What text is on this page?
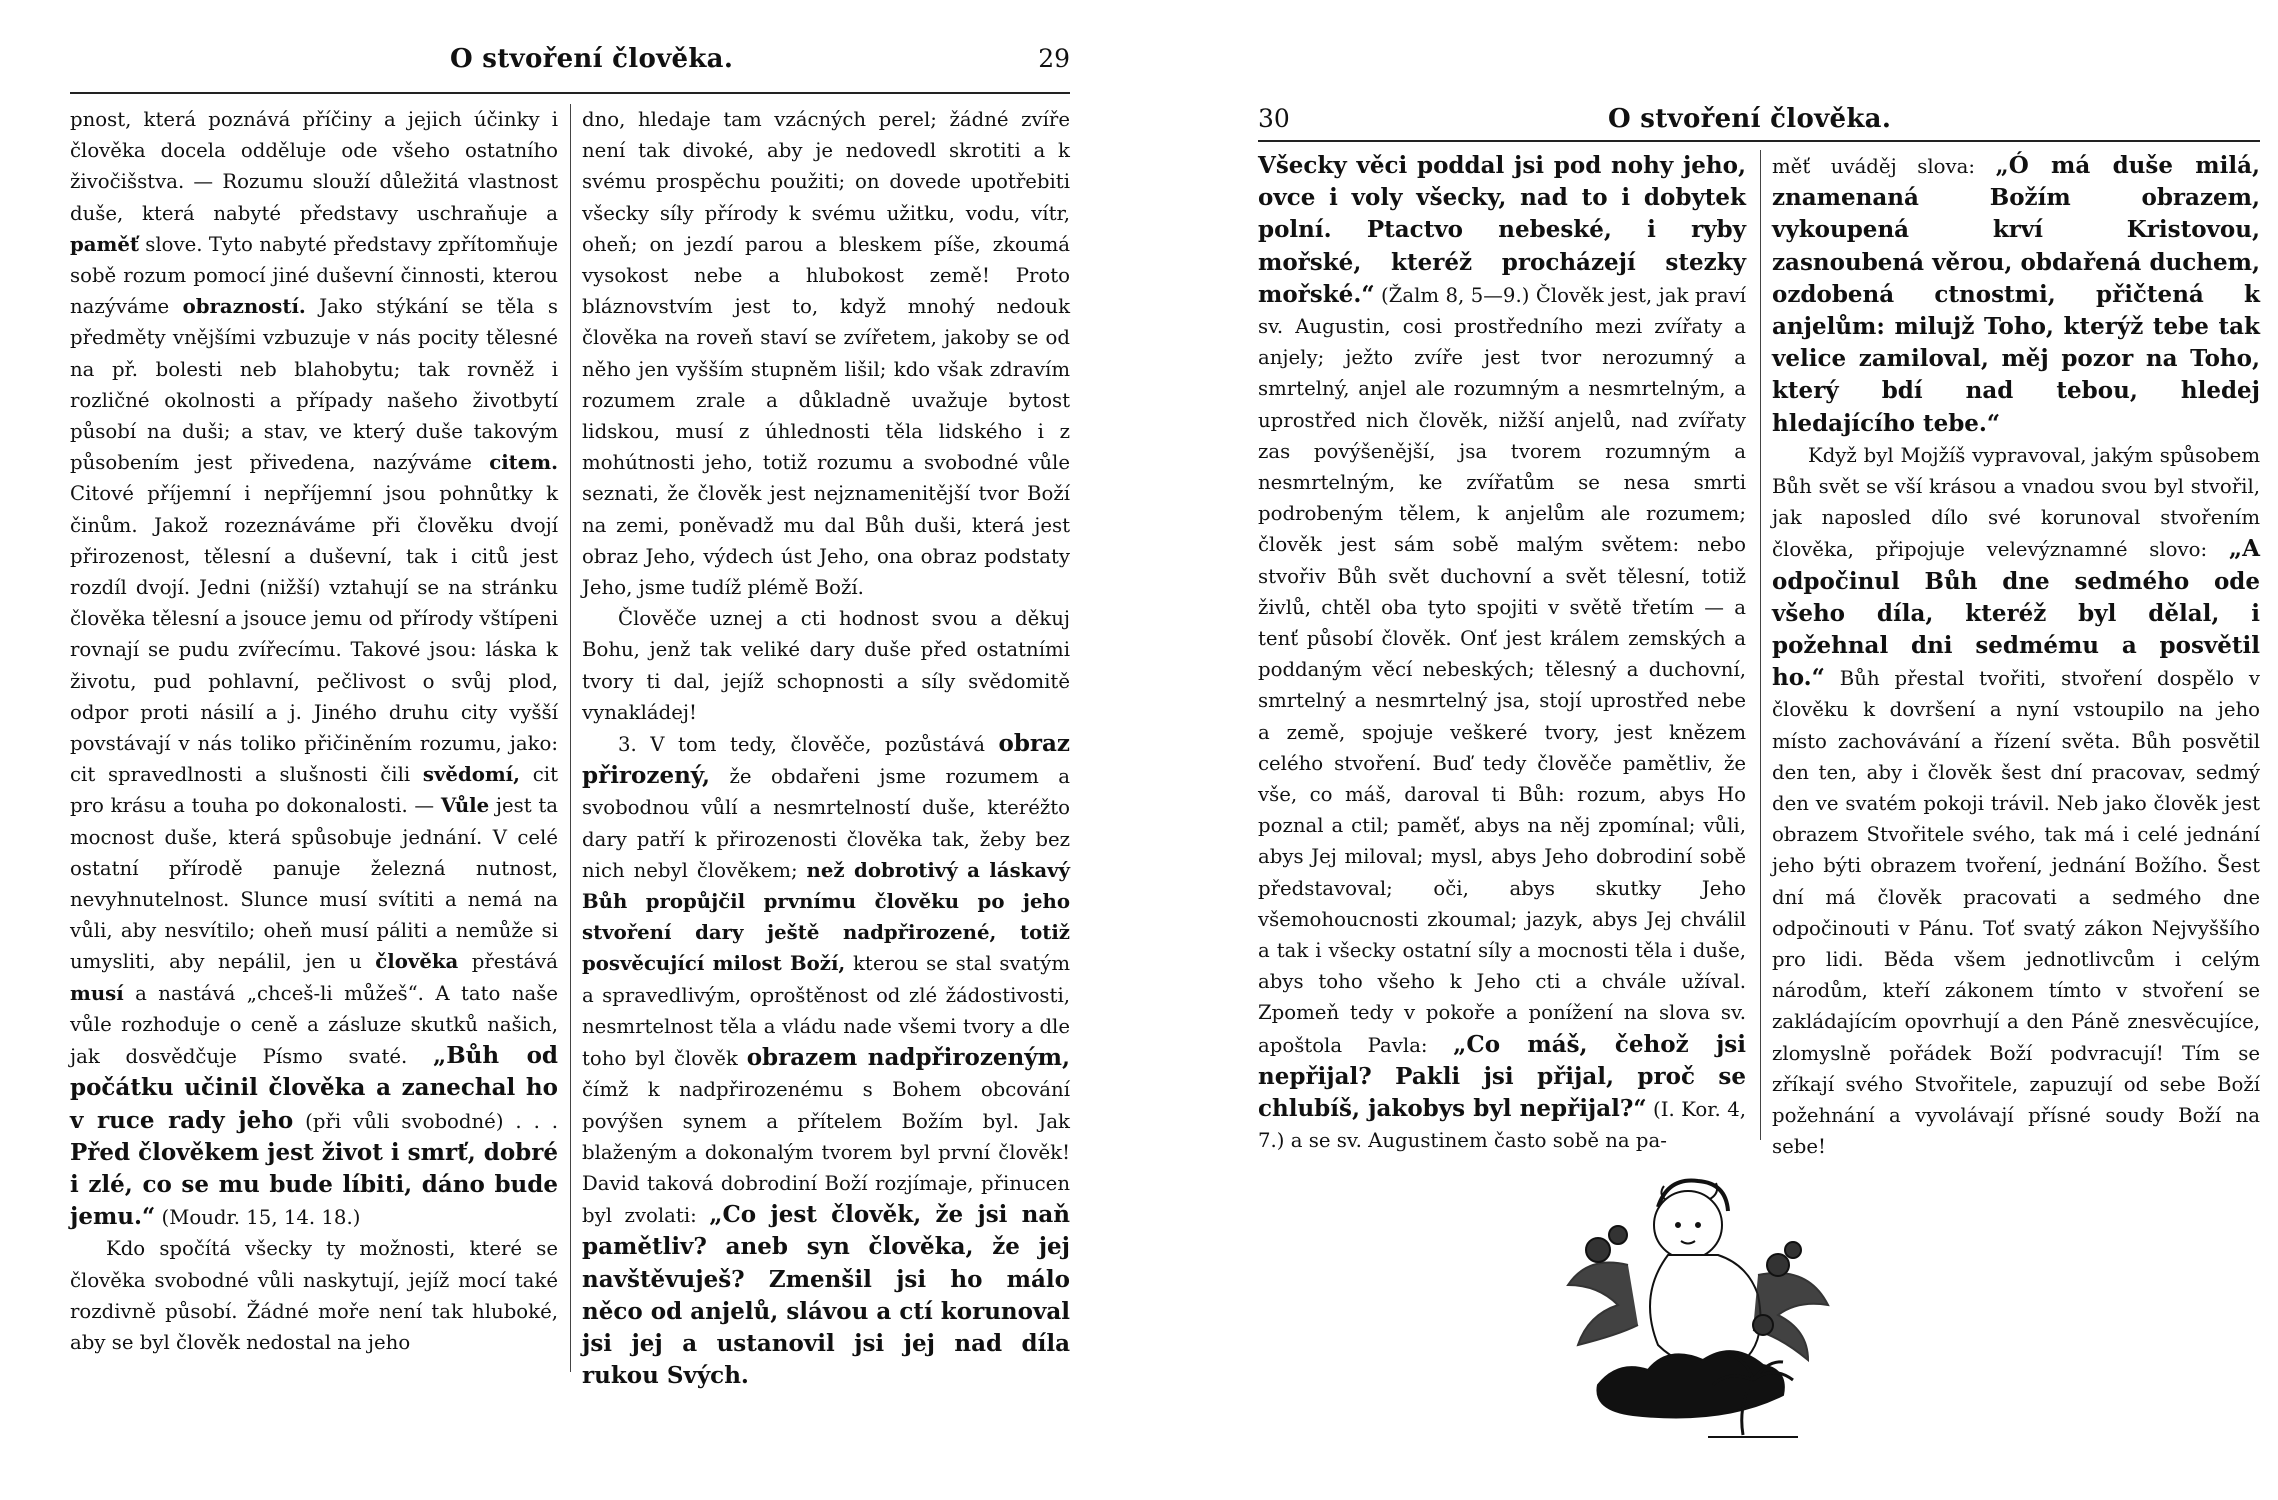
O stvoření člověka.	29

pnost, která poznává příčiny a jejich účinky i člověka docela odděluje ode všeho ostatního živočišstva. — Rozumu slouží důležitá vlastnost duše, která nabyté představy uschraňuje a paměť slove. Tyto nabyté představy zpřítomňuje sobě rozum pomocí jiné duševní činnosti, kterou nazýváme obrazností. Jako stýkání se těla s předměty vnějšími vzbuzuje v nás pocity tělesné na př. bolesti neb blahobytu; tak rovněž i rozličné okolnosti a případy našeho životbytí působí na duši; a stav, ve který duše takovým působením jest přivedena, nazýváme citem. Citové příjemní i nepříjemní jsou pohnůtky k činům. Jakož rozeznáváme při člověku dvojí přirozenost, tělesní a duševní, tak i citů jest rozdíl dvojí. Jedni (nižší) vztahují se na stránku člověka tělesní a jsouce jemu od přírody vštípeni rovnají se pudu zvířecímu. Takové jsou: láska k životu, pud pohlavní, pečlivost o svůj plod, odpor proti násilí a j. Jiného druhu city vyšší povstávají v nás toliko přičiněním rozumu, jako: cit spravedlnosti a slušnosti čili svědomí, cit pro krásu a touha po dokonalosti. — Vůle jest ta mocnost duše, která spůsobuje jednání. V celé ostatní přírodě panuje železná nutnost, nevyhnutelnost. Slunce musí svítiti a nemá na vůli, aby nesvítilo; oheň musí páliti a nemůže si umysliti, aby nepálil, jen u člověka přestává musí a nastává „chceš-li můžeš“. A tato naše vůle rozhoduje o ceně a zásluze skutků našich, jak dosvědčuje Písmo svaté. „Bůh od počátku učinil člověka a zanechal ho v ruce rady jeho (při vůli svobodné) . . . Před člověkem jest život i smrť, dobré i zlé, co se mu bude líbiti, dáno bude jemu.“ (Moudr. 15, 14. 18.)

Kdo spočítá všecky ty možnosti, které se člověka svobodné vůli naskytují, jejíž mocí také rozdivně působí. Žádné moře není tak hluboké, aby se byl člověk nedostal na jeho

dno, hledaje tam vzácných perel; žádné zvíře není tak divoké, aby je nedovedl skrotiti a k svému prospěchu použiti; on dovede upotřebiti všecky síly přírody k svému užitku, vodu, vítr, oheň; on jezdí parou a bleskem píše, zkoumá vysokost nebe a hlubokost země! Proto bláznovstvím jest to, když mnohý nedouk člověka na roveň staví se zvířetem, jakoby se od něho jen vyšším stupněm lišil; kdo však zdravím rozumem zrale a důkladně uvažuje bytost lidskou, musí z úhlednosti těla lidského i z mohútnosti jeho, totiž rozumu a svobodné vůle seznati, že člověk jest nejznamenitější tvor Boží na zemi, poněvadž mu dal Bůh duši, která jest obraz Jeho, výdech úst Jeho, ona obraz podstaty Jeho, jsme tudíž plémě Boží.

Člověče uznej a cti hodnost svou a děkuj Bohu, jenž tak veliké dary duše před ostatními tvory ti dal, jejíž schopnosti a síly svědomitě vynakládej!

3. V tom tedy, člověče, pozůstává obraz přirozený, že obdařeni jsme rozumem a svobodnou vůlí a nesmrtelností duše, kteréžto dary patří k přirozenosti člověka tak, žeby bez nich nebyl člověkem; než dobrotivý a láskavý Bůh propůjčil prvnímu člověku po jeho stvoření dary ještě nadpřirozené, totiž posvěcující milost Boží, kterou se stal svatým a spravedlivým, oproštěnost od zlé žádostivosti, nesmrtelnost těla a vládu nade všemi tvory a dle toho byl člověk obrazem nadpřirozeným, čímž k nadpřirozenému s Bohem obcování povýšen synem a přítelem Božím byl. Jak blaženým a dokonalým tvorem byl první člověk! David taková dobrodiní Boží rozjímaje, přinucen byl zvolati: „Co jest člověk, že jsi naň pamětliv? aneb syn člověka, že jej navštěvuješ? Zmenšil jsi ho málo něco od anjelů, slávou a ctí korunoval jsi jej a ustanovil jsi jej nad díla rukou Svých.

30	O stvoření člověka.

Všecky věci poddal jsi pod nohy jeho, ovce i voly všecky, nad to i dobytek polní. Ptactvo nebeské, i ryby mořské, kteréž procházejí stezky mořské.“ (Žalm 8, 5—9.) Člověk jest, jak praví sv. Augustin, cosi prostředního mezi zvířaty a anjely; ježto zvíře jest tvor nerozumný a smrtelný, anjel ale rozumným a nesmrtelným, a uprostřed nich člověk, nižší anjelů, nad zvířaty zas povýšenější, jsa tvorem rozumným a nesmrtelným, ke zvířatům se nesa smrti podrobeným tělem, k anjelům ale rozumem; člověk jest sám sobě malým světem: nebo stvořiv Bůh svět duchovní a svět tělesní, totiž živlů, chtěl oba tyto spojiti v světě třetím — a tenť působí člověk. Onť jest králem zemských a poddaným věcí nebeských; tělesný a duchovní, smrtelný a nesmrtelný jsa, stojí uprostřed nebe a země, spojuje veškeré tvory, jest knězem celého stvoření. Buď tedy člověče pamětliv, že vše, co máš, daroval ti Bůh: rozum, abys Ho poznal a ctil; paměť, abys na něj zpomínal; vůli, abys Jej miloval; mysl, abys Jeho dobrodiní sobě představoval; oči, abys skutky Jeho všemohoucnosti zkoumal; jazyk, abys Jej chválil a tak i všecky ostatní síly a mocnosti těla i duše, abys toho všeho k Jeho cti a chvále užíval. Zpomeň tedy v pokoře a ponížení na slova sv. apoštola Pavla: „Co máš, čehož jsi nepřijal? Pakli jsi přijal, proč se chlubíš, jakobys byl nepřijal?“ (I. Kor. 4, 7.) a se sv. Augustinem často sobě na pa-

měť uváděj slova: „Ó má duše milá, znamenaná Božím obrazem, vykoupená krví Kristovou, zasnoubená věrou, obdařená duchem, ozdobená ctnostmi, přičtená k anjelům: milujž Toho, kterýž tebe tak velice zamiloval, měj pozor na Toho, který bdí nad tebou, hledej hledajícího tebe.“

Když byl Mojžíš vypravoval, jakým spůsobem Bůh svět se vší krásou a vnadou svou byl stvořil, jak naposled dílo své korunoval stvořením člověka, připojuje velevýznamné slovo: „A odpočinul Bůh dne sedmého ode všeho díla, kteréž byl dělal, i požehnal dni sedmému a posvětil ho.“ Bůh přestal tvořiti, stvoření dospělo v člověku k dovršení a nyní vstoupilo na jeho místo zachovávání a řízení světa. Bůh posvětil den ten, aby i člověk šest dní pracovav, sedmý den ve svatém pokoji trávil. Neb jako člověk jest obrazem Stvořitele svého, tak má i celé jednání jeho býti obrazem tvoření, jednání Božího. Šest dní má člověk pracovati a sedmého dne odpočinouti v Pánu. Toť svatý zákon Nejvyššího pro lidi. Běda všem jednotlivcům i celým národům, kteří zákonem tímto v stvoření se zakládajícím opovrhují a den Páně znesvěcujíce, zlomyslně pořádek Boží podvracují! Tím se zříkají svého Stvořitele, zapuzují od sebe Boží požehnání a vyvolávají přísné soudy Boží na sebe!
